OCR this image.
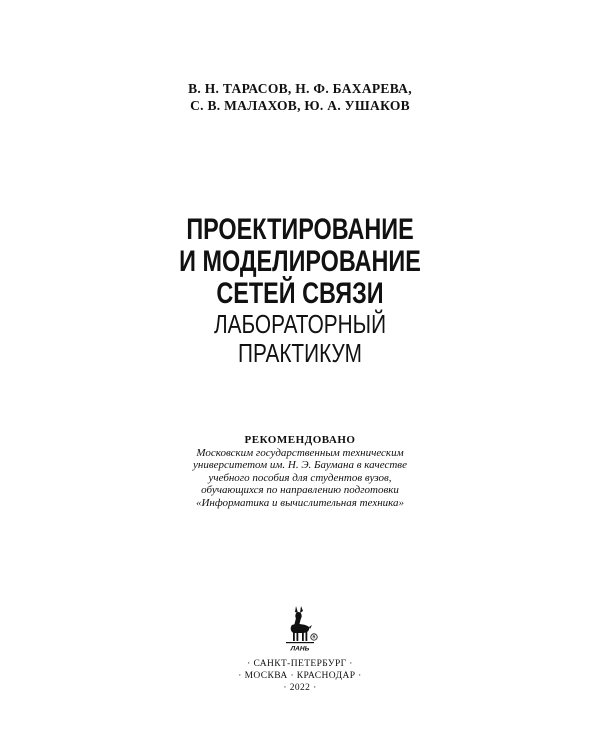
В. Н. ТАРАСОВ, Н. Ф. БАХАРЕВА,
С. В. МАЛАХОВ, Ю. А. УШАКОВ
ПРОЕКТИРОВАНИЕ
И МОДЕЛИРОВАНИЕ
СЕТЕЙ СВЯЗИ
ЛАБОРАТОРНЫЙ
ПРАКТИКУМ
РЕКОМЕНДОВАНО
Московским государственным техническим
университетом им. Н. Э. Баумана в качестве
учебного пособия для студентов вузов,
обучающихся по направлению подготовки
«Информатика и вычислительная техника»
R
ЛАНЬ
· САНКТ-ПЕТЕРБУРГ ·
· МОСКВА · КРАСНОДАР ·
· 2022 ·
